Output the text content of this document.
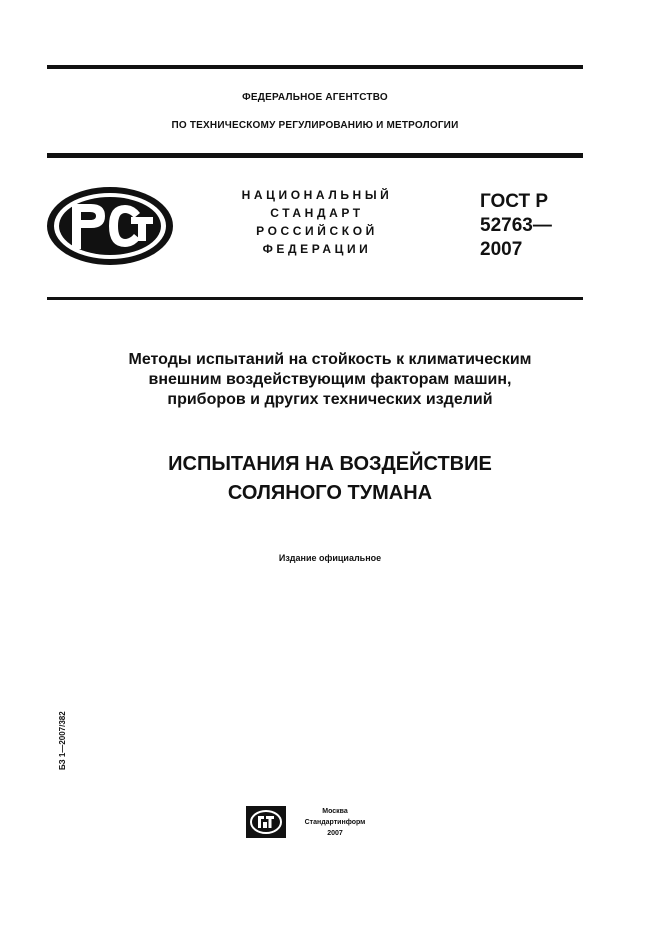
ФЕДЕРАЛЬНОЕ АГЕНТСТВО
ПО ТЕХНИЧЕСКОМУ РЕГУЛИРОВАНИЮ И МЕТРОЛОГИИ
НАЦИОНАЛЬНЫЙ
СТАНДАРТ
РОССИЙСКОЙ
ФЕДЕРАЦИИ
ГОСТ Р
52763—
2007
Методы испытаний на стойкость к климатическим
внешним воздействующим факторам машин,
приборов и других технических изделий
ИСПЫТАНИЯ НА ВОЗДЕЙСТВИЕ
СОЛЯНОГО ТУМАНА
Издание официальное
БЗ 1—2007/382
Москва
Стандартинформ
2007
